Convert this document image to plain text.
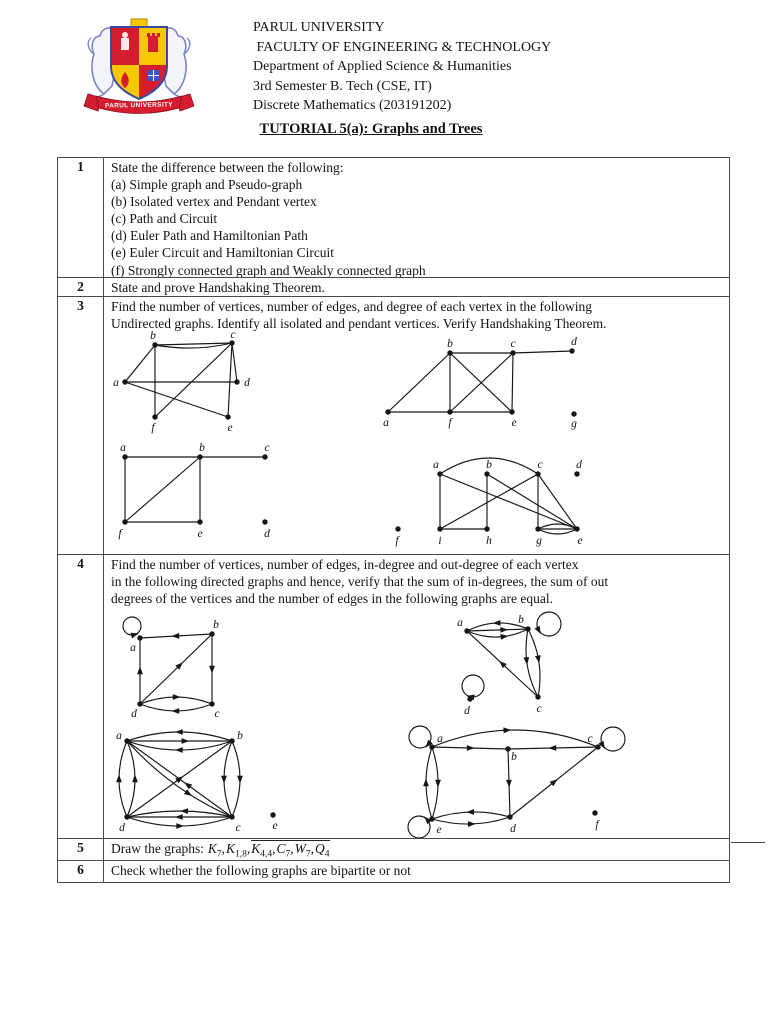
PARUL UNIVERSITY
PARUL UNIVERSITY
FACULTY OF ENGINEERING & TECHNOLOGY
Department of Applied Science & Humanities
3rd Semester B. Tech (CSE, IT)
Discrete Mathematics (203191202)
TUTORIAL 5(a): Graphs and Trees
1	State the difference between the following:
(a) Simple graph and Pseudo-graph
(b) Isolated vertex and Pendant vertex
(c) Path and Circuit
(d) Euler Path and Hamiltonian Path
(e) Euler Circuit and Hamiltonian Circuit
(f) Strongly connected graph and Weakly connected graph
2	State and prove Handshaking Theorem.
3	Find the number of vertices, number of edges, and degree of each vertex in the following
Undirected graphs. Identify all isolated and pendant vertices. Verify Handshaking Theorem.
a
b	c
d
f	e
b	c	d
a	f	e	g
a	b	c
f	e	d
a	b	c	d
f	i	h	g	e
4	Find the number of vertices, number of edges, in-degree and out-degree of each vertex
in the following directed graphs and hence, verify that the sum of in-degrees, the sum of out
degrees of the vertices and the number of edges in the following graphs are equal.
a
b
c
d
a	b
c
d
a	b
d	c	e
a
b
c
e	d	f
5	Draw the graphs: $K_7,K_{1,8},K_{4,4},C_7,W_7,Q_4$
6	Check whether the following graphs are bipartite or not
